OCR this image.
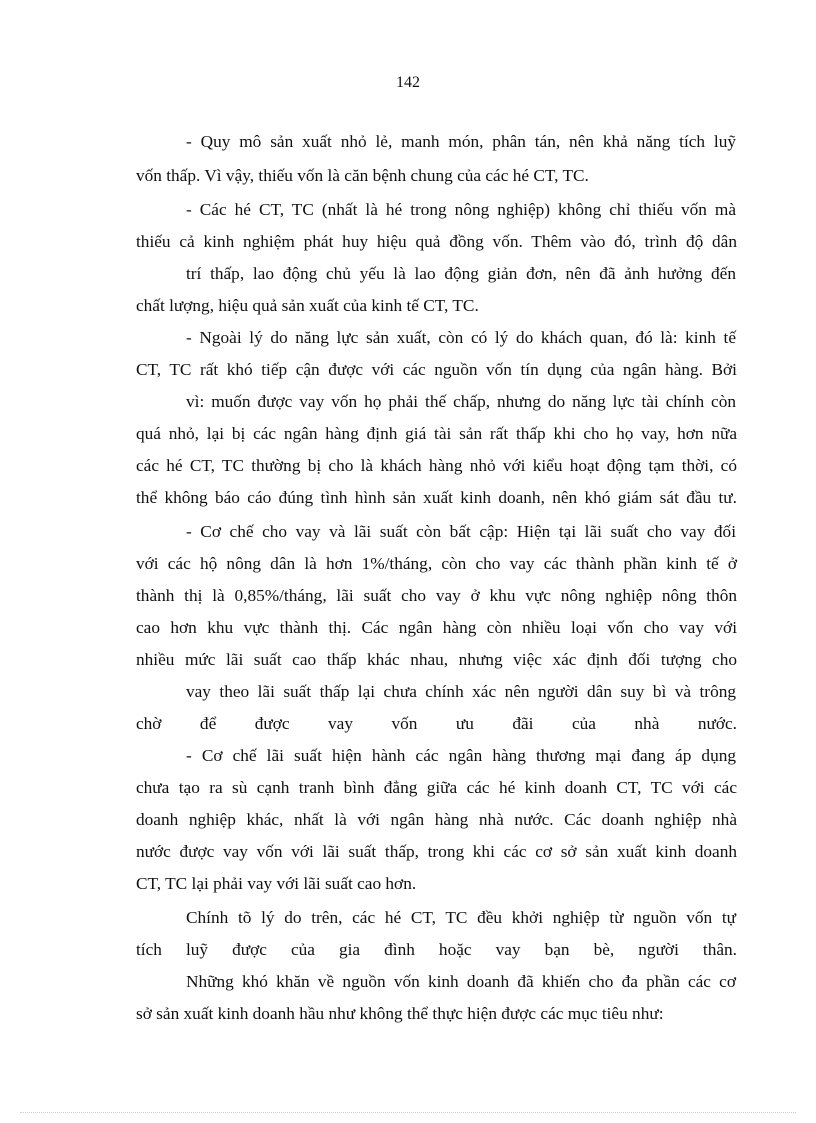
142
- Quy mô sản xuất nhỏ lẻ, manh món, phân tán, nên khả năng tích luỹ
vốn thấp. Vì vậy, thiếu vốn là căn bệnh chung của các hé CT, TC.
- Các hé CT, TC (nhất là hé trong nông nghiệp) không chỉ thiếu vốn mà
thiếu cả kinh nghiệm phát huy hiệu quả đồng vốn. Thêm vào đó, trình độ dân
trí thấp, lao động chủ yếu là lao động giản đơn, nên đã ảnh hưởng đến
chất lượng, hiệu quả sản xuất của kinh tế CT, TC.
- Ngoài lý do năng lực sản xuất, còn có lý do khách quan, đó là: kinh tế
CT, TC rất khó tiếp cận được với các nguồn vốn tín dụng của ngân hàng. Bởi
vì: muốn được vay vốn họ phải thế chấp, nhưng do năng lực tài chính còn
quá nhỏ, lại bị các ngân hàng định giá tài sản rất thấp khi cho họ vay, hơn nữa
các hé CT, TC thường bị cho là khách hàng nhỏ với kiểu hoạt động tạm thời, có
thể không báo cáo đúng tình hình sản xuất kinh doanh, nên khó giám sát đầu tư.
- Cơ chế cho vay và lãi suất còn bất cập: Hiện tại lãi suất cho vay đối
với các hộ nông dân là hơn 1%/tháng, còn cho vay các thành phần kinh tế ở
thành thị là 0,85%/tháng, lãi suất cho vay ở khu vực nông nghiệp nông thôn
cao hơn khu vực thành thị. Các ngân hàng còn nhiều loại vốn cho vay với
nhiều mức lãi suất cao thấp khác nhau, nhưng việc xác định đối tượng cho
vay theo lãi suất thấp lại chưa chính xác nên người dân suy bì và trông
chờ để được vay vốn ưu đãi của nhà nước.
- Cơ chế lãi suất hiện hành các ngân hàng thương mại đang áp dụng
chưa tạo ra sù cạnh tranh bình đẳng giữa các hé kinh doanh CT, TC với các
doanh nghiệp khác, nhất là với ngân hàng nhà nước. Các doanh nghiệp nhà
nước được vay vốn với lãi suất thấp, trong khi các cơ sở sản xuất kinh doanh
CT, TC lại phải vay với lãi suất cao hơn.
Chính tõ lý do trên, các hé CT, TC đều khởi nghiệp từ nguồn vốn tự
tích luỹ được của gia đình hoặc vay bạn bè, người thân.
Những khó khăn về nguồn vốn kinh doanh đã khiến cho đa phần các cơ
sở sản xuất kinh doanh hầu như không thể thực hiện được các mục tiêu như:
